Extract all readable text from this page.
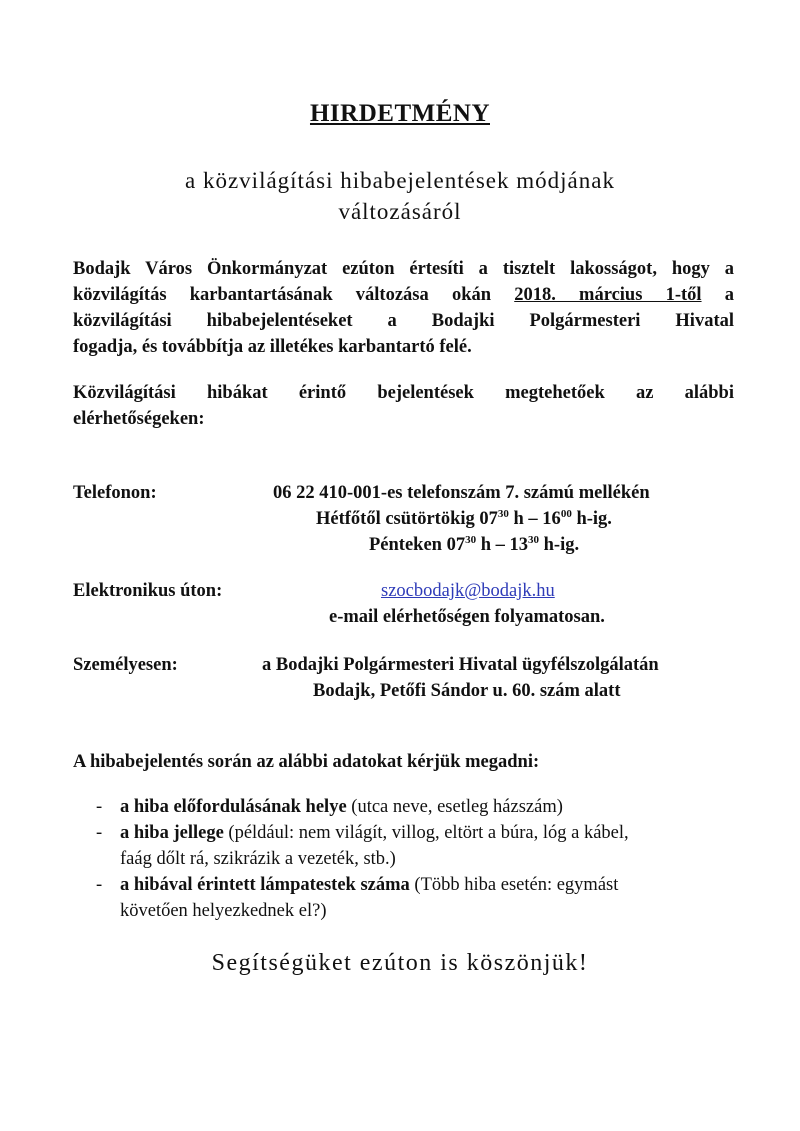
HIRDETMÉNY
a közvilágítási hibabejelentések módjának
változásáról
Bodajk Város Önkormányzat ezúton értesíti a tisztelt lakosságot, hogy a
közvilágítás karbantartásának változása okán 2018. március 1-től a
közvilágítási hibabejelentéseket a Bodajki Polgármesteri Hivatal
fogadja, és továbbítja az illetékes karbantartó felé.
Közvilágítási hibákat érintő bejelentések megtehetőek az alábbi
elérhetőségeken:
Telefonon:	06 22 410-001-es telefonszám 7. számú mellékén
Hétfőtől csütörtökig $07^{30}$ h – $16^{00}$ h-ig.
Pénteken $07^{30}$ h – $13^{30}$ h-ig.
Elektronikus úton:	szocbodajk@bodajk.hu
e-mail elérhetőségen folyamatosan.
Személyesen:	a Bodajki Polgármesteri Hivatal ügyfélszolgálatán
Bodajk, Petőfi Sándor u. 60. szám alatt
A hibabejelentés során az alábbi adatokat kérjük megadni:
- a hiba előfordulásának helye (utca neve, esetleg házszám)
- a hiba jellege (például: nem világít, villog, eltört a búra, lóg a kábel,
faág dőlt rá, szikrázik a vezeték, stb.)
- a hibával érintett lámpatestek száma (Több hiba esetén: egymást
követően helyezkednek el?)
Segítségüket ezúton is köszönjük!
